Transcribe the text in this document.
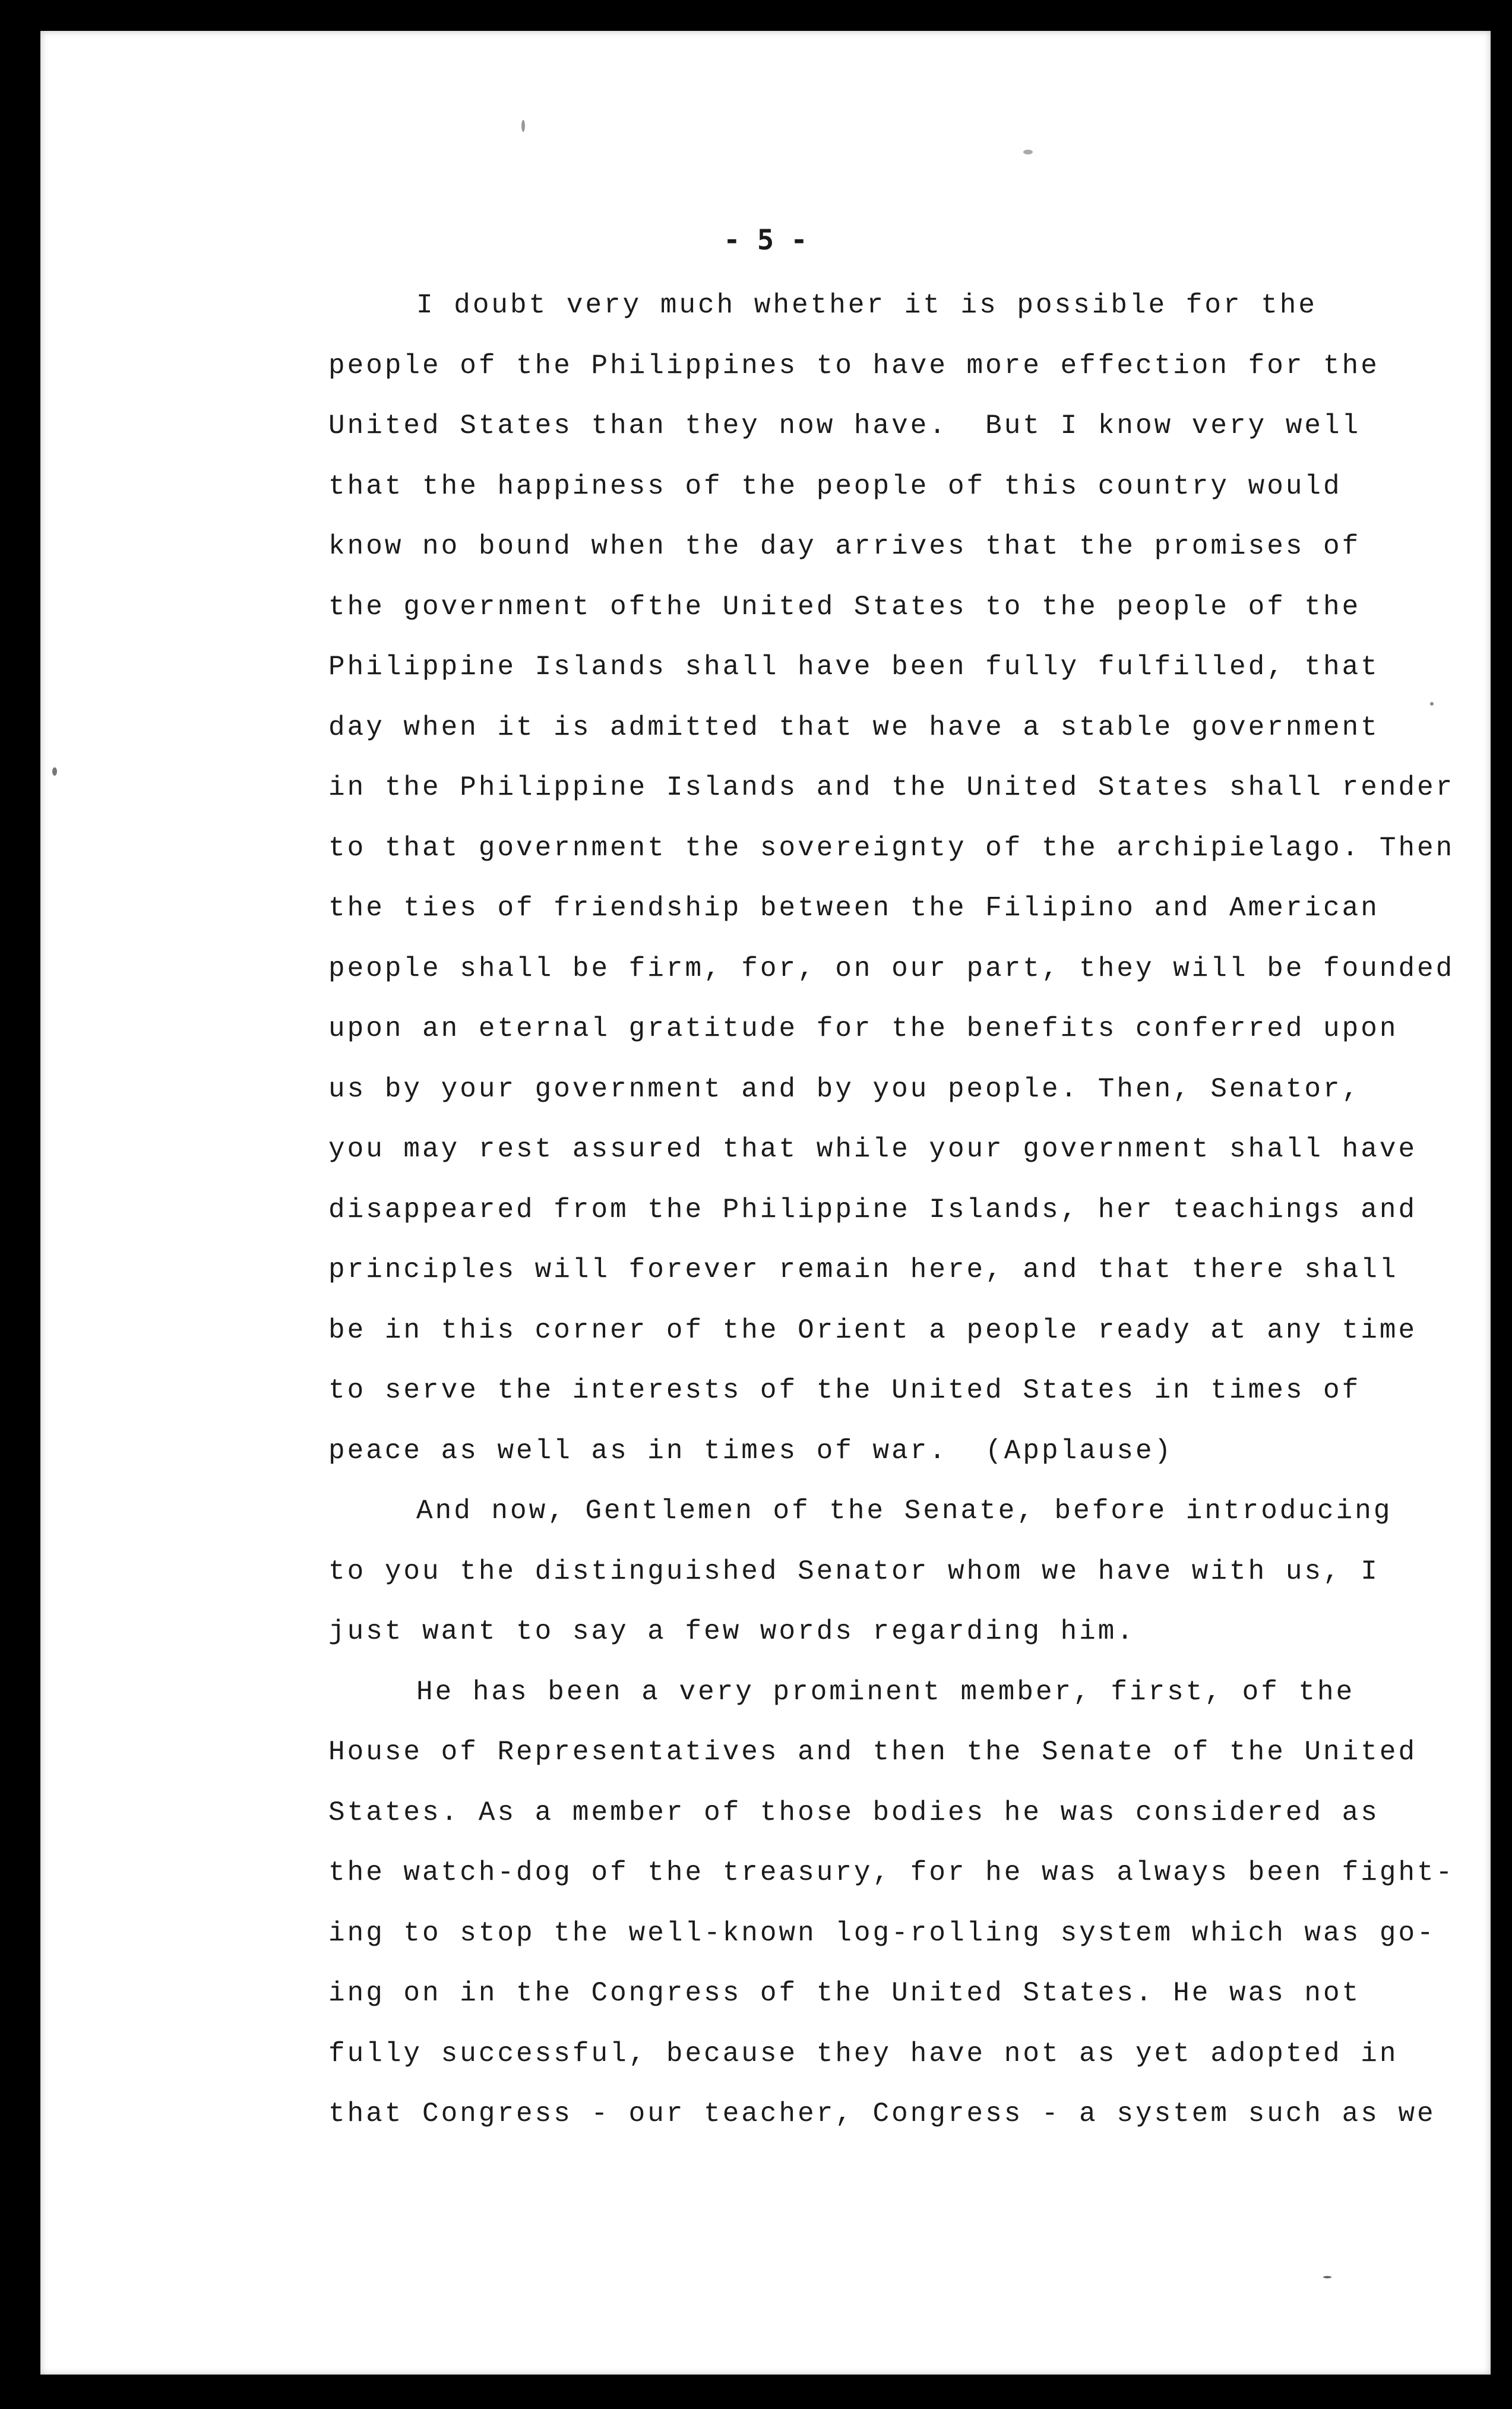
- 5 -
I doubt very much whether it is possible for the
people of the Philippines to have more effection for the
United States than they now have.  But I know very well
that the happiness of the people of this country would
know no bound when the day arrives that the promises of
the government ofthe United States to the people of the
Philippine Islands shall have been fully fulfilled, that
day when it is admitted that we have a stable government
in the Philippine Islands and the United States shall render
to that government the sovereignty of the archipielago. Then
the ties of friendship between the Filipino and American
people shall be firm, for, on our part, they will be founded
upon an eternal gratitude for the benefits conferred upon
us by your government and by you people. Then, Senator,
you may rest assured that while your government shall have
disappeared from the Philippine Islands, her teachings and
principles will forever remain here, and that there shall
be in this corner of the Orient a people ready at any time
to serve the interests of the United States in times of
peace as well as in times of war.  (Applause)
And now, Gentlemen of the Senate, before introducing
to you the distinguished Senator whom we have with us, I
just want to say a few words regarding him.
He has been a very prominent member, first, of the
House of Representatives and then the Senate of the United
States. As a member of those bodies he was considered as
the watch-dog of the treasury, for he was always been fight-
ing to stop the well-known log-rolling system which was go-
ing on in the Congress of the United States. He was not
fully successful, because they have not as yet adopted in
that Congress - our teacher, Congress - a system such as we
